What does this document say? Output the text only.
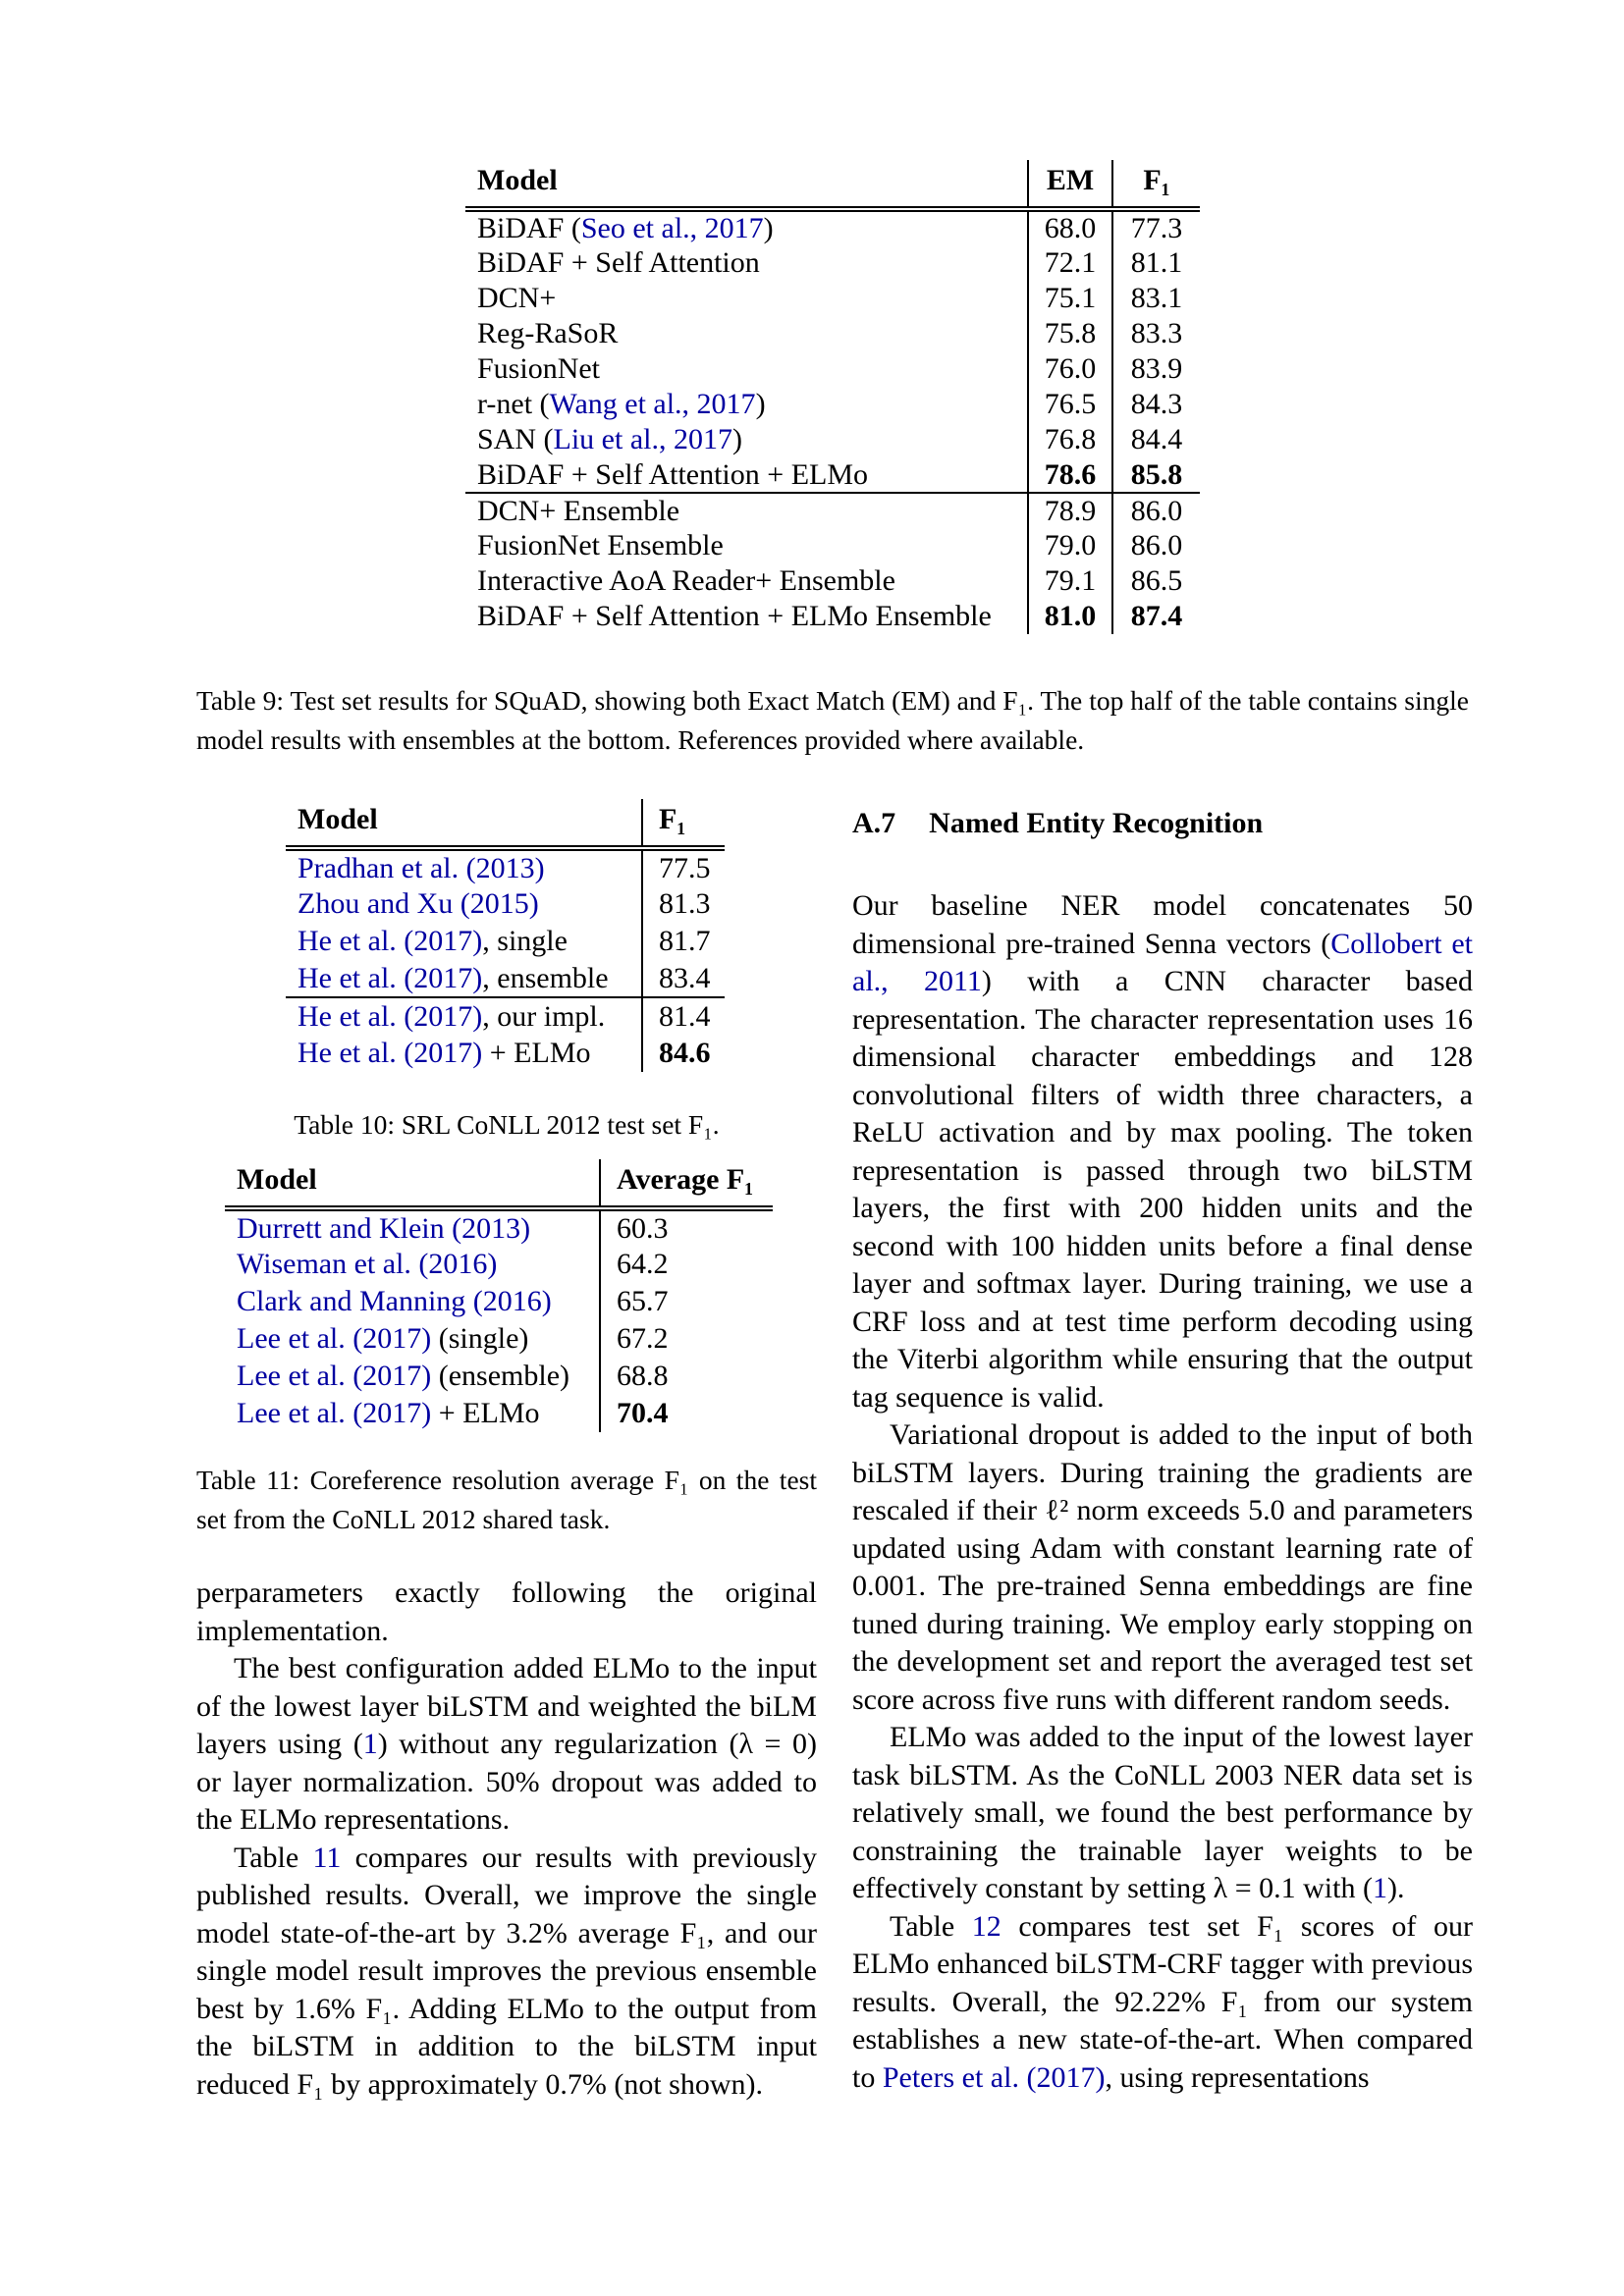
Model	EM	F₁
BiDAF (Seo et al., 2017)	68.0	77.3
BiDAF + Self Attention	72.1	81.1
DCN+	75.1	83.1
Reg-RaSoR	75.8	83.3
FusionNet	76.0	83.9
r-net (Wang et al., 2017)	76.5	84.3
SAN (Liu et al., 2017)	76.8	84.4
BiDAF + Self Attention + ELMo	78.6	85.8
DCN+ Ensemble	78.9	86.0
FusionNet Ensemble	79.0	86.0
Interactive AoA Reader+ Ensemble	79.1	86.5
BiDAF + Self Attention + ELMo Ensemble	81.0	87.4
Table 9: Test set results for SQuAD, showing both Exact Match (EM) and F₁. The top half of the table contains single model results with ensembles at the bottom. References provided where available.
Model	F₁
Pradhan et al. (2013)	77.5
Zhou and Xu (2015)	81.3
He et al. (2017), single	81.7
He et al. (2017), ensemble	83.4
He et al. (2017), our impl.	81.4
He et al. (2017) + ELMo	84.6
Table 10: SRL CoNLL 2012 test set F₁.
Model	Average F₁
Durrett and Klein (2013)	60.3
Wiseman et al. (2016)	64.2
Clark and Manning (2016)	65.7
Lee et al. (2017) (single)	67.2
Lee et al. (2017) (ensemble)	68.8
Lee et al. (2017) + ELMo	70.4
Table 11: Coreference resolution average F₁ on the test set from the CoNLL 2012 shared task.

perparameters exactly following the original implementation.

The best configuration added ELMo to the input of the lowest layer biLSTM and weighted the biLM layers using (1) without any regularization (λ = 0) or layer normalization. 50% dropout was added to the ELMo representations.

Table 11 compares our results with previously published results. Overall, we improve the single model state-of-the-art by 3.2% average F₁, and our single model result improves the previous ensemble best by 1.6% F₁. Adding ELMo to the output from the biLSTM in addition to the biLSTM input reduced F₁ by approximately 0.7% (not shown).

A.7 Named Entity Recognition

Our baseline NER model concatenates 50 dimensional pre-trained Senna vectors (Collobert et al., 2011) with a CNN character based representation. The character representation uses 16 dimensional character embeddings and 128 convolutional filters of width three characters, a ReLU activation and by max pooling. The token representation is passed through two biLSTM layers, the first with 200 hidden units and the second with 100 hidden units before a final dense layer and softmax layer. During training, we use a CRF loss and at test time perform decoding using the Viterbi algorithm while ensuring that the output tag sequence is valid.

Variational dropout is added to the input of both biLSTM layers. During training the gradients are rescaled if their ℓ² norm exceeds 5.0 and parameters updated using Adam with constant learning rate of 0.001. The pre-trained Senna embeddings are fine tuned during training. We employ early stopping on the development set and report the averaged test set score across five runs with different random seeds.

ELMo was added to the input of the lowest layer task biLSTM. As the CoNLL 2003 NER data set is relatively small, we found the best performance by constraining the trainable layer weights to be effectively constant by setting λ = 0.1 with (1).

Table 12 compares test set F₁ scores of our ELMo enhanced biLSTM-CRF tagger with previous results. Overall, the 92.22% F₁ from our system establishes a new state-of-the-art. When compared to Peters et al. (2017), using representations
